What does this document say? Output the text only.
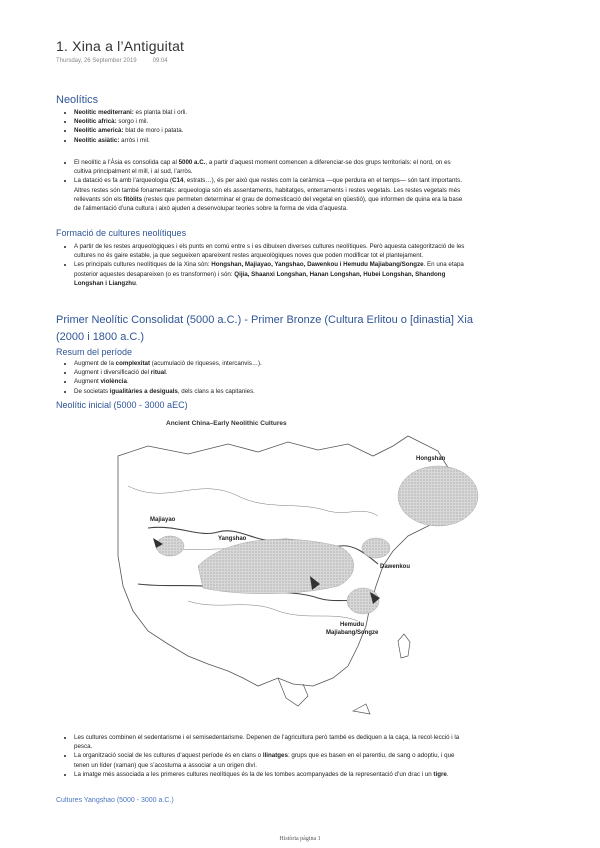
1. Xina a l’Antiguitat
Thursday, 26 September 2019	09:04
Neolítics
• Neolític mediterrani: es planta blat i orli.
• Neolític africà: sorgo i mil.
• Neolític americà: blat de moro i patata.
• Neolític asiàtic: arròs i mil.
• El neolític a l’Àsia es consolida cap al 5000 a.C., a partir d’aquest moment comencen a diferenciar-se dos grups territorials: el nord, on es cultiva principalment el mill, i al sud, l’arròs.
• La datació es fa amb l’arqueologia (C14, estrats…), és per això que restes com la ceràmica —que perdura en el temps— són tant importants. Altres restes són també fonamentals: arqueologia són els assentaments, habitatges, enterraments i restes vegetals. Les restes vegetals més rellevants són els fitòlits (restes que permeten determinar el grau de domesticació del vegetal en qüestió), que informen de quina era la base de l’alimentació d’una cultura i això ajuden a desenvolupar teories sobre la forma de vida d’aquesta.
Formació de cultures neolítiques
• A partir de les restes arqueològiques i els punts en comú entre s i es dibuixen diverses cultures neolítiques. Però aquesta categorització de les cultures no és gaire estable, ja que segueixen apareixent restes arqueològiques noves que poden modificar tot el plantejament.
• Les principals cultures neolítiques de la Xina són: Hongshan, Majiayao, Yangshao, Dawenkou i Hemudu Majiabang/Songze. En una etapa posterior aquestes desapareixen (o es transformen) i són: Qijia, Shaanxi Longshan, Hanan Longshan, Hubei Longshan, Shandong Longshan i Liangzhu.
Primer Neolític Consolidat (5000 a.C.) - Primer Bronze (Cultura Erlitou o [dinastia] Xia (2000 i 1800 a.C.)
Resum del període
• Augment de la complexitat (acumulació de riqueses, intercanvis…).
• Augment i diversificació del ritual.
• Augment violència.
• De societats igualitàries a desiguals, dels clans a les capitanies.
Neolític inicial (5000 - 3000 aEC)
Ancient China–Early Neolithic Cultures
Hongshan
Majiayao
Yangshao
Dawenkou
Hemudu
Majiabang/Songze
• Les cultures combinen el sedentarisme i el semisedentarisme. Depenen de l’agricultura però també es dediquen a la caça, la recol·lecció i la pesca.
• La organització social de les cultures d’aquest període és en clans o llinatges: grups que es basen en el parentiu, de sang o adoptiu, i que tenen un líder (xaman) que s’acostuma a associar a un origen diví.
• La imatge més associada a les primeres cultures neolítiques és la de les tombes acompanyades de la representació d’un drac i un tigre.
Cultures Yangshao (5000 - 3000 a.C.)
Història página 1
